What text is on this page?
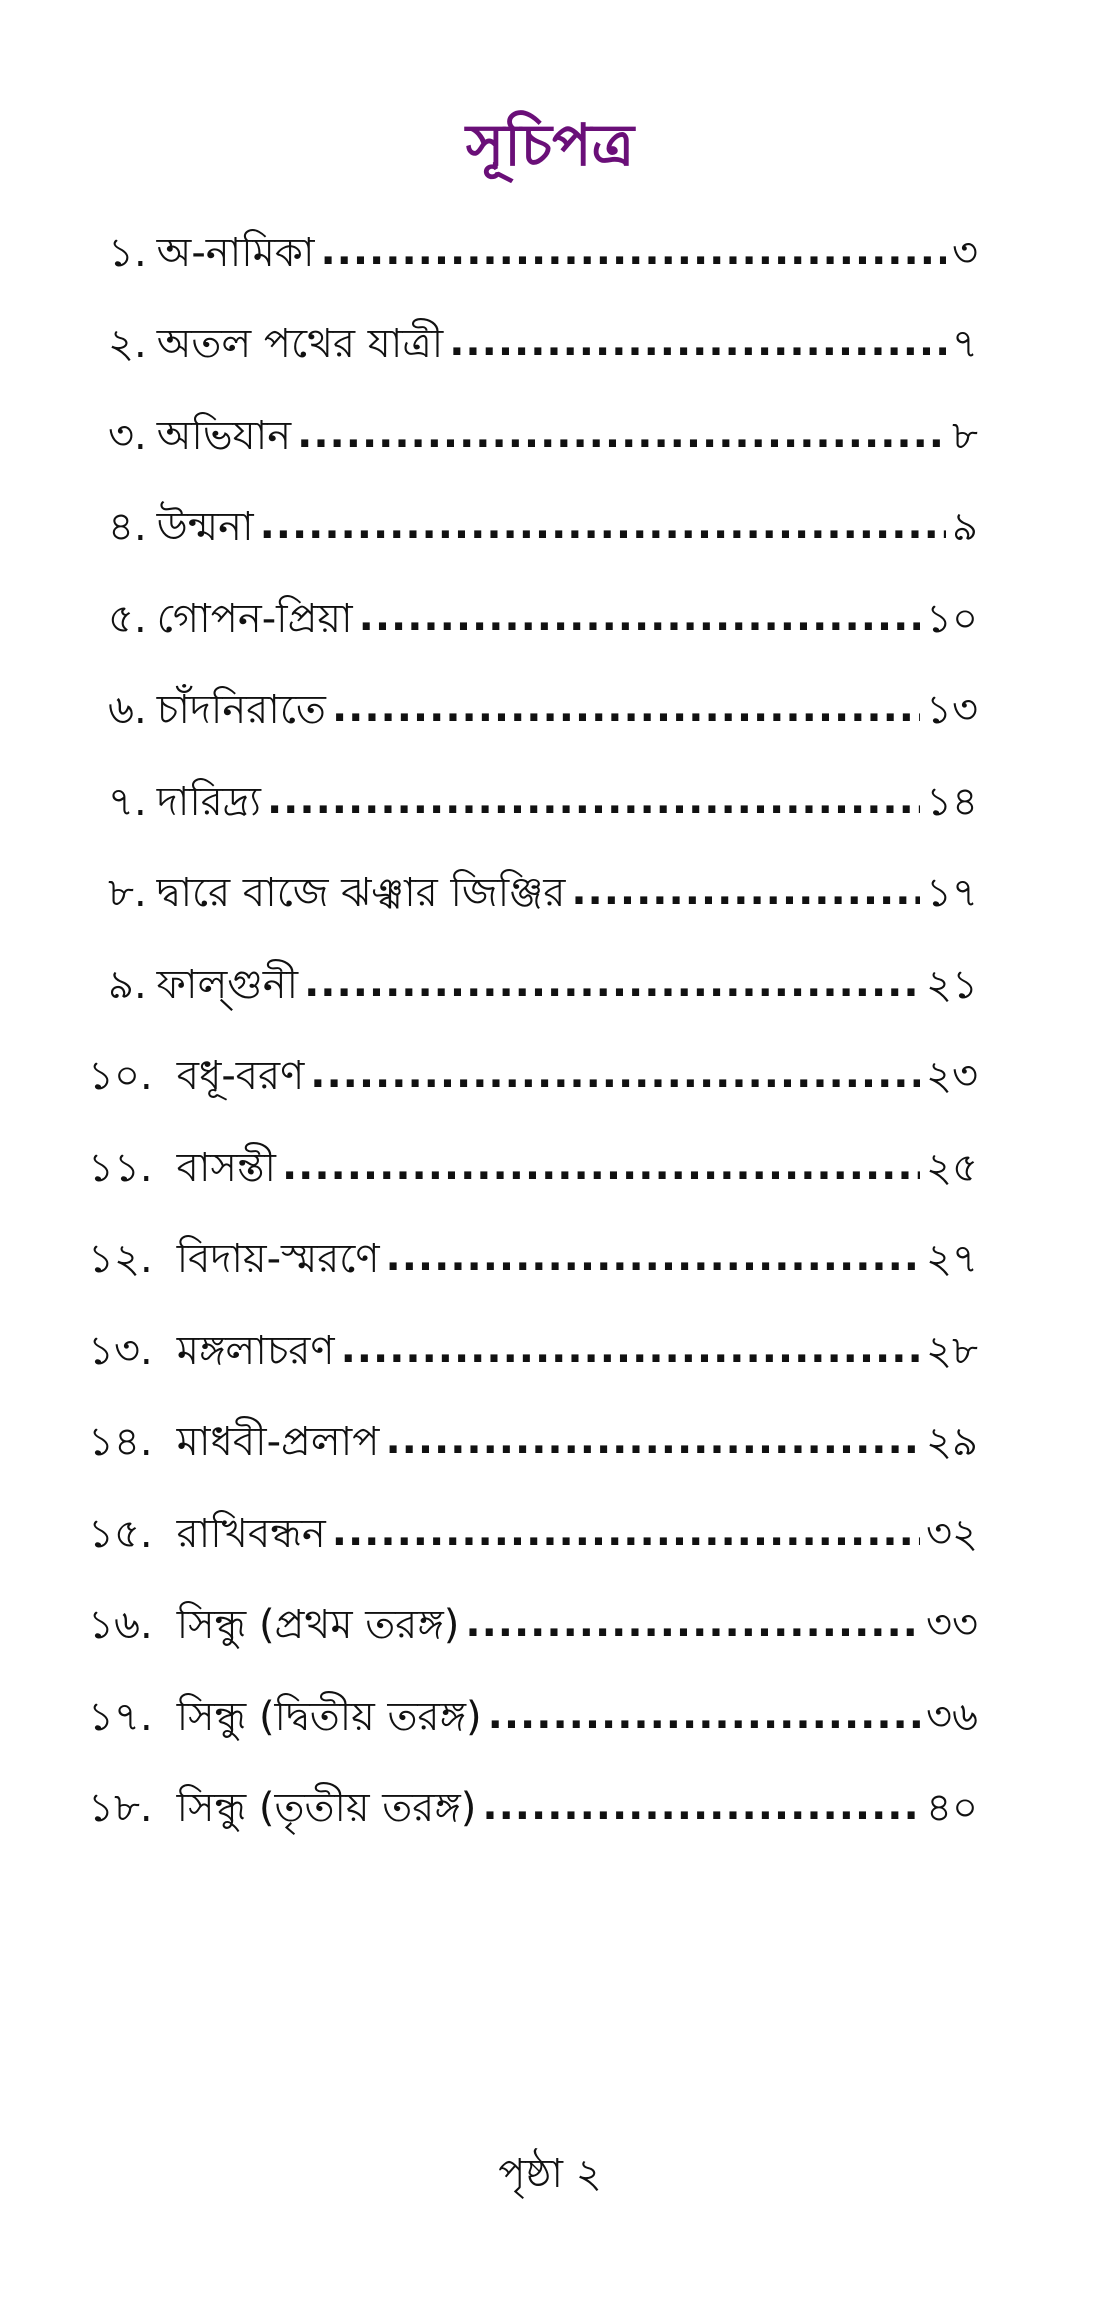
সূচিপত্র
১. অ-নামিকা .....	৩
২. অতল পথের যাত্রী .....	৭
৩. অভিযান .....	৮
৪. উন্মনা .....	৯
৫. গোপন-প্রিয়া .....	১০
৬. চাঁদনিরাতে .....	১৩
৭. দারিদ্র্য .....	১৪
৮. দ্বারে বাজে ঝঞ্ঝার জিঞ্জির .....	১৭
৯. ফাল্গুনী .....	২১
১০. বধূ-বরণ .....	২৩
১১. বাসন্তী .....	২৫
১২. বিদায়-স্মরণে .....	২৭
১৩. মঙ্গলাচরণ .....	২৮
১৪. মাধবী-প্রলাপ .....	২৯
১৫. রাখিবন্ধন .....	৩২
১৬. সিন্ধু (প্রথম তরঙ্গ) .....	৩৩
১৭. সিন্ধু (দ্বিতীয় তরঙ্গ) .....	৩৬
১৮. সিন্ধু (তৃতীয় তরঙ্গ) .....	৪০
পৃষ্ঠা ২
